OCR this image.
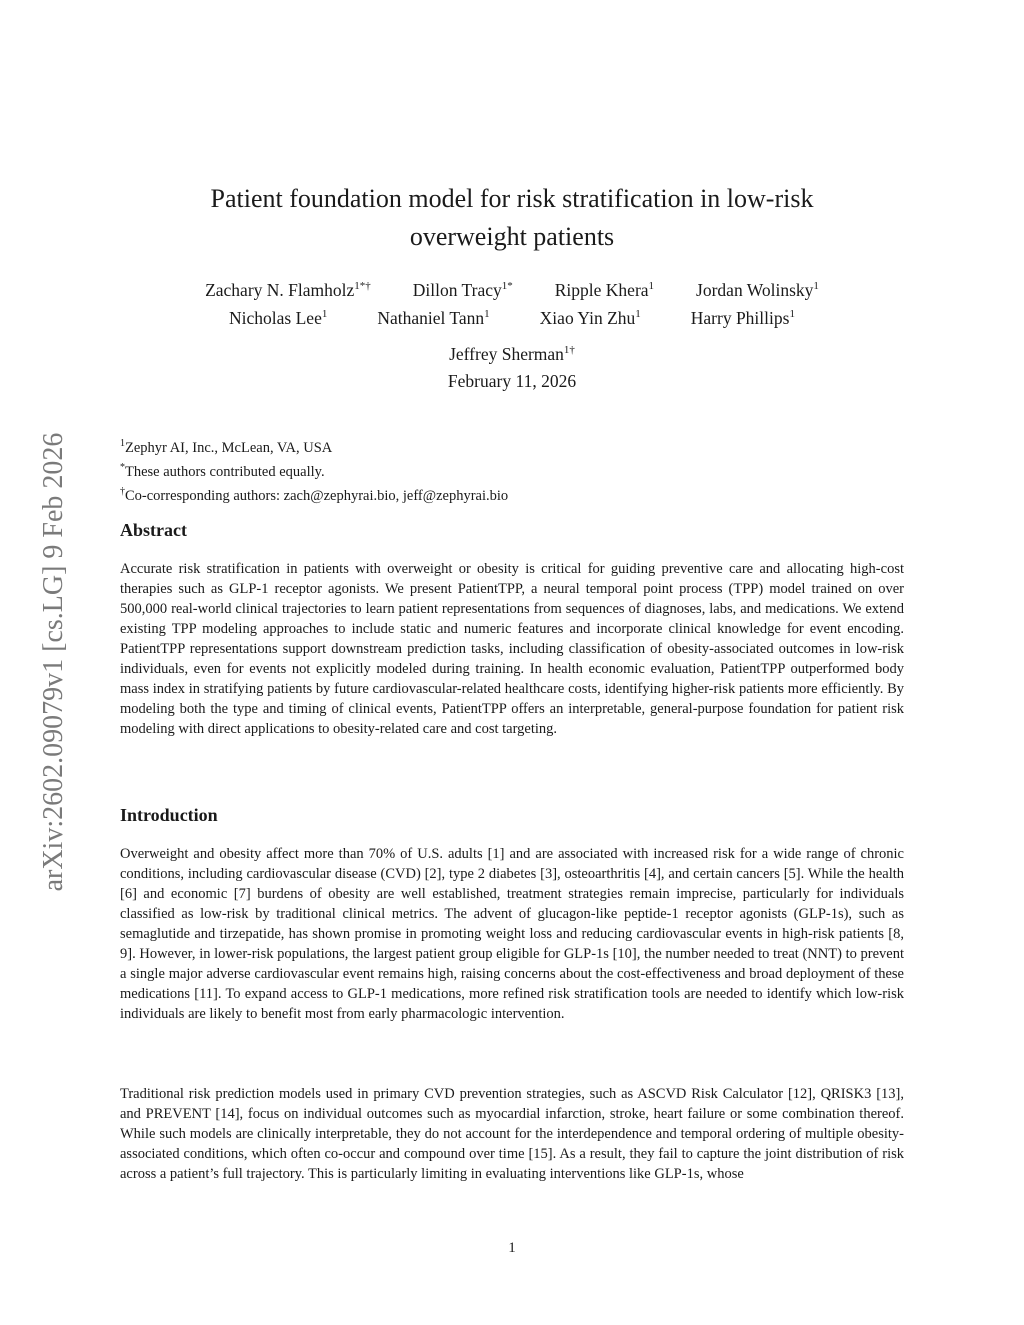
arXiv:2602.09079v1 [cs.LG] 9 Feb 2026
Patient foundation model for risk stratification in low-risk
overweight patients
Zachary N. Flamholz$^{1*\dagger}$ Dillon Tracy$^{1*}$ Ripple Khera$^1$ Jordan Wolinsky$^1$
Nicholas Lee$^1$	Nathaniel Tann$^1$	Xiao Yin Zhu$^1$	Harry Phillips$^1$
Jeffrey Sherman$^{1\dagger}$
February 11, 2026
$^1$Zephyr AI, Inc., McLean, VA, USA
*These authors contributed equally.
†Co-corresponding authors: zach@zephyrai.bio, jeff@zephyrai.bio
Abstract
Accurate risk stratification in patients with overweight or obesity is critical for guiding preventive care and allocating high-cost therapies such as GLP-1 receptor agonists. We present PatientTPP, a neural temporal point process (TPP) model trained on over 500,000 real-world clinical trajectories to learn patient representations from sequences of diagnoses, labs, and medications. We extend existing TPP modeling approaches to include static and numeric features and incorporate clinical knowledge for event encoding. PatientTPP representations support downstream prediction tasks, including classification of obesity-associated outcomes in low-risk individuals, even for events not explicitly modeled during training. In health economic evaluation, PatientTPP outperformed body mass index in stratifying patients by future cardiovascular-related healthcare costs, identifying higher-risk patients more efficiently. By modeling both the type and timing of clinical events, PatientTPP offers an interpretable, general-purpose foundation for patient risk modeling with direct applications to obesity-related care and cost targeting.
Introduction
Overweight and obesity affect more than 70% of U.S. adults [1] and are associated with increased risk for a wide range of chronic conditions, including cardiovascular disease (CVD) [2], type 2 diabetes [3], osteoarthritis [4], and certain cancers [5]. While the health [6] and economic [7] burdens of obesity are well established, treatment strategies remain imprecise, particularly for individuals classified as low-risk by traditional clinical metrics. The advent of glucagon-like peptide-1 receptor agonists (GLP-1s), such as semaglutide and tirzepatide, has shown promise in promoting weight loss and reducing cardiovascular events in high-risk patients [8, 9]. However, in lower-risk populations, the largest patient group eligible for GLP-1s [10], the number needed to treat (NNT) to prevent a single major adverse cardiovascular event remains high, raising concerns about the cost-effectiveness and broad deployment of these medications [11]. To expand access to GLP-1 medications, more refined risk stratification tools are needed to identify which low-risk individuals are likely to benefit most from early pharmacologic intervention.
Traditional risk prediction models used in primary CVD prevention strategies, such as ASCVD Risk Calculator [12], QRISK3 [13], and PREVENT [14], focus on individual outcomes such as myocardial infarction, stroke, heart failure or some combination thereof. While such models are clinically interpretable, they do not account for the interdependence and temporal ordering of multiple obesity-associated conditions, which often co-occur and compound over time [15]. As a result, they fail to capture the joint distribution of risk across a patient’s full trajectory. This is particularly limiting in evaluating interventions like GLP-1s, whose
1
